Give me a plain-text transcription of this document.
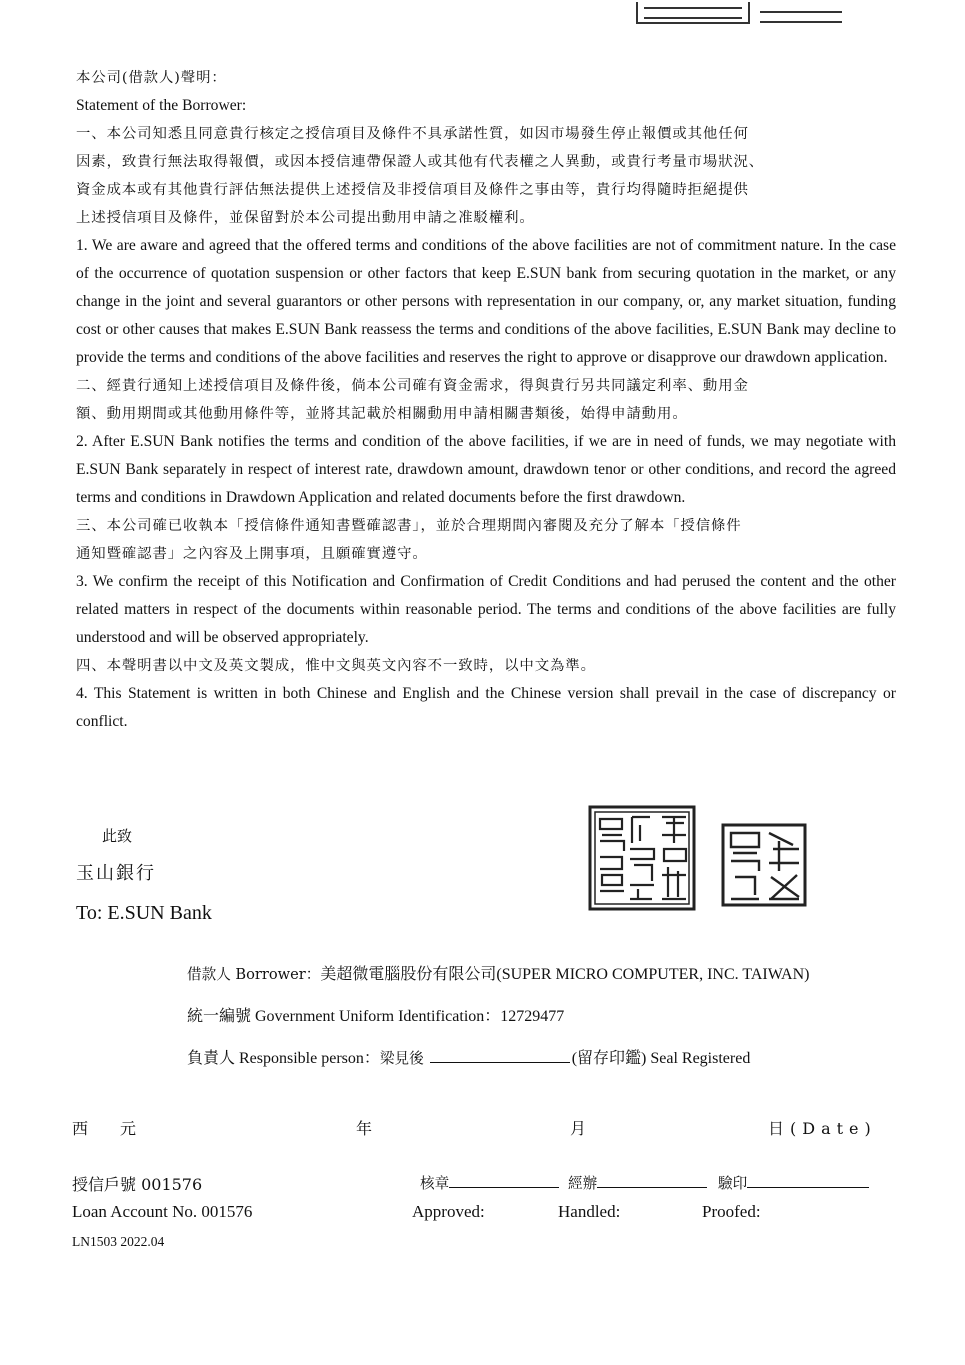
本公司(借款人)聲明：
Statement of the Borrower:
一、本公司知悉且同意貴行核定之授信項目及條件不具承諾性質，如因市場發生停止報價或其他任何
因素，致貴行無法取得報價，或因本授信連帶保證人或其他有代表權之人異動，或貴行考量市場狀況、
資金成本或有其他貴行評估無法提供上述授信及非授信項目及條件之事由等，貴行均得隨時拒絕提供
上述授信項目及條件，並保留對於本公司提出動用申請之准駁權利。

1. We are aware and agreed that the offered terms and conditions of the above facilities are not of commitment nature. In the case of the occurrence of quotation suspension or other factors that keep E.SUN bank from securing quotation in the market, or any change in the joint and several guarantors or other persons with representation in our company, or, any market situation, funding cost or other causes that makes E.SUN Bank reassess the terms and conditions of the above facilities, E.SUN Bank may decline to provide the terms and conditions of the above facilities and reserves the right to approve or disapprove our drawdown application.

二、經貴行通知上述授信項目及條件後，倘本公司確有資金需求，得與貴行另共同議定利率、動用金
額、動用期間或其他動用條件等，並將其記載於相關動用申請相關書類後，始得申請動用。

2. After E.SUN Bank notifies the terms and condition of the above facilities, if we are in need of funds, we may negotiate with E.SUN Bank separately in respect of interest rate, drawdown amount, drawdown tenor or other conditions, and record the agreed terms and conditions in Drawdown Application and related documents before the first drawdown.

三、本公司確已收執本「授信條件通知書暨確認書」，並於合理期間內審閱及充分了解本「授信條件
通知暨確認書」之內容及上開事項，且願確實遵守。

3. We confirm the receipt of this Notification and Confirmation of Credit Conditions and had perused the content and the other related matters in respect of the documents within reasonable period. The terms and conditions of the above facilities are fully understood and will be observed appropriately.

四、本聲明書以中文及英文製成，惟中文與英文內容不一致時，以中文為準。

4. This Statement is written in both Chinese and English and the Chinese version shall prevail in the case of discrepancy or conflict.

此致
玉山銀行
To: E.SUN Bank
借款人 Borrower：美超微電腦股份有限公司(SUPER MICRO COMPUTER, INC. TAIWAN)
統一編號 Government Uniform Identification：12729477
負責人 Responsible person：梁見後	(留存印鑑) Seal Registered
西 元	年	月	日(Date)
授信戶號 001576
Loan Account No. 001576
核章
Approved:
經辦
Handled:
驗印
Proofed:
LN1503 2022.04
